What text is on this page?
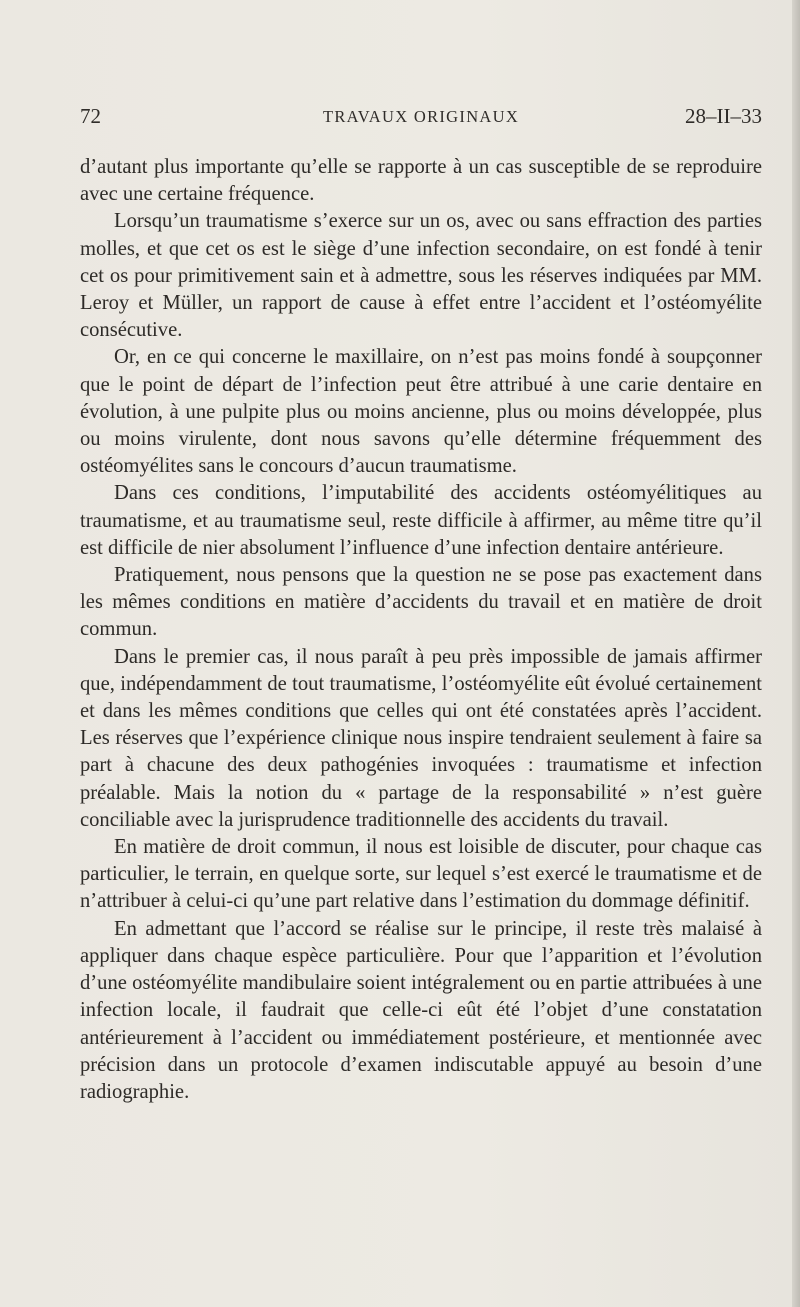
72	TRAVAUX ORIGINAUX	28–II–33

d’autant plus importante qu’elle se rapporte à un cas susceptible de se reproduire avec une certaine fréquence.

Lorsqu’un traumatisme s’exerce sur un os, avec ou sans effraction des parties molles, et que cet os est le siège d’une infection secondaire, on est fondé à tenir cet os pour primitivement sain et à admettre, sous les réserves indiquées par MM. Leroy et Müller, un rapport de cause à effet entre l’accident et l’ostéomyélite consécutive.

Or, en ce qui concerne le maxillaire, on n’est pas moins fondé à soupçonner que le point de départ de l’infection peut être attribué à une carie dentaire en évolution, à une pulpite plus ou moins ancienne, plus ou moins développée, plus ou moins virulente, dont nous savons qu’elle détermine fréquemment des ostéomyélites sans le concours d’aucun traumatisme.

Dans ces conditions, l’imputabilité des accidents ostéomyélitiques au traumatisme, et au traumatisme seul, reste difficile à affirmer, au même titre qu’il est difficile de nier absolument l’influence d’une infection dentaire antérieure.

Pratiquement, nous pensons que la question ne se pose pas exactement dans les mêmes conditions en matière d’accidents du travail et en matière de droit commun.

Dans le premier cas, il nous paraît à peu près impossible de jamais affirmer que, indépendamment de tout traumatisme, l’ostéomyélite eût évolué certainement et dans les mêmes conditions que celles qui ont été constatées après l’accident. Les réserves que l’expérience clinique nous inspire tendraient seulement à faire sa part à chacune des deux pathogénies invoquées : traumatisme et infection préalable. Mais la notion du « partage de la responsabilité » n’est guère conciliable avec la jurisprudence traditionnelle des accidents du travail.

En matière de droit commun, il nous est loisible de discuter, pour chaque cas particulier, le terrain, en quelque sorte, sur lequel s’est exercé le traumatisme et de n’attribuer à celui-ci qu’une part relative dans l’estimation du dommage définitif.

En admettant que l’accord se réalise sur le principe, il reste très malaisé à appliquer dans chaque espèce particulière. Pour que l’apparition et l’évolution d’une ostéomyélite mandibulaire soient intégralement ou en partie attribuées à une infection locale, il faudrait que celle-ci eût été l’objet d’une constatation antérieurement à l’accident ou immédiatement postérieure, et mentionnée avec précision dans un protocole d’examen indiscutable appuyé au besoin d’une radiographie.
